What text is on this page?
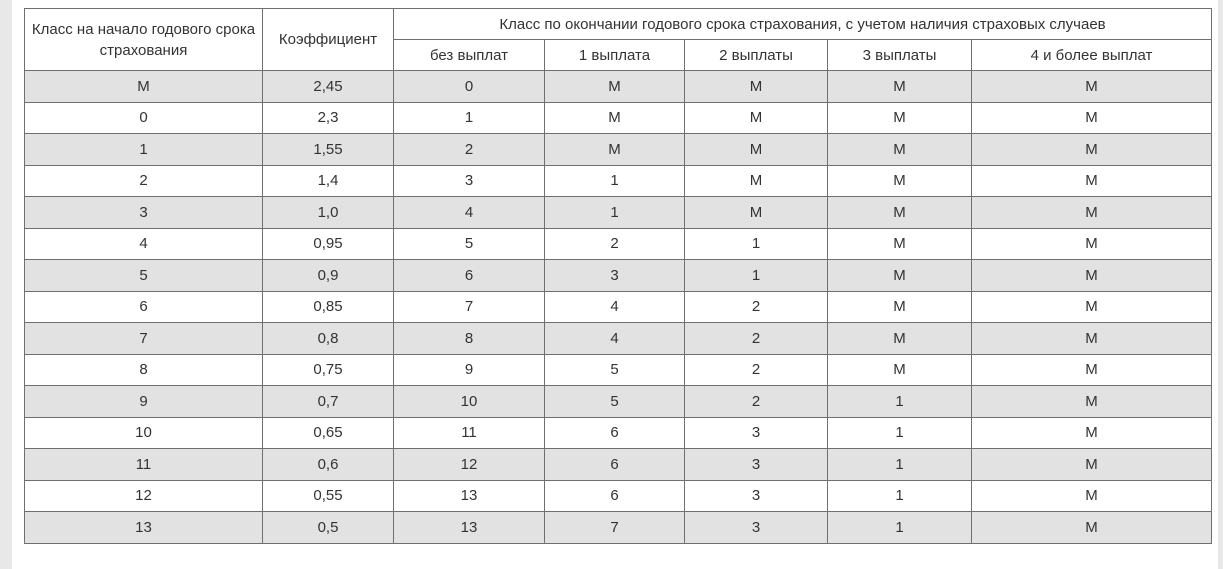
Класс на начало годового срока страхования	Коэффициент	Класс по окончании годового срока страхования, с учетом наличия страховых случаев				
		без выплат	1 выплата	2 выплаты	3 выплаты	4 и более выплат
М	2,45	0	М	М	М	М
0	2,3	1	М	М	М	М
1	1,55	2	М	М	М	М
2	1,4	3	1	М	М	М
3	1,0	4	1	М	М	М
4	0,95	5	2	1	М	М
5	0,9	6	3	1	М	М
6	0,85	7	4	2	М	М
7	0,8	8	4	2	М	М
8	0,75	9	5	2	М	М
9	0,7	10	5	2	1	М
10	0,65	11	6	3	1	М
11	0,6	12	6	3	1	М
12	0,55	13	6	3	1	М
13	0,5	13	7	3	1	М
